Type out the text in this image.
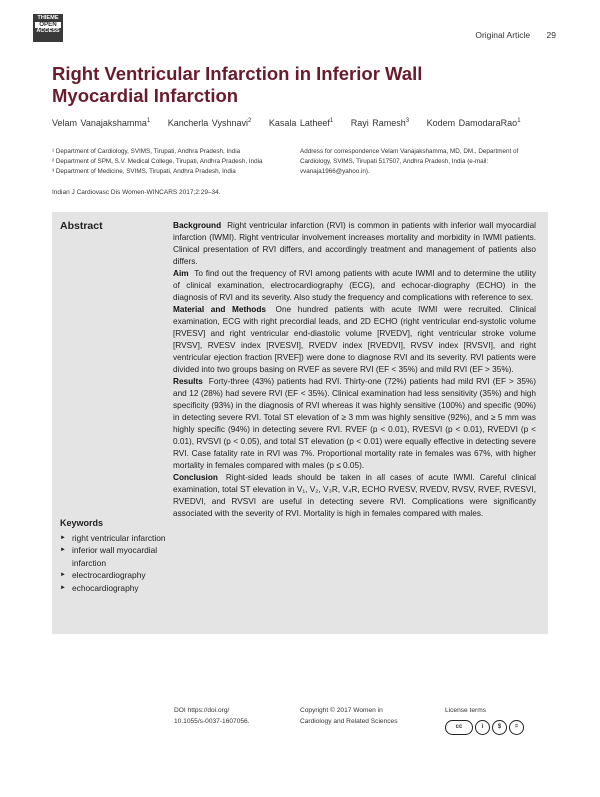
THIEME
OPEN
ACCESS	Original Article 29
Right Ventricular Infarction in Inferior Wall Myocardial Infarction
Velam Vanajakshamma$^1$ Kancherla Vyshnavi$^2$ Kasala Latheef$^1$ Rayi Ramesh$^3$ Kodem DamodaraRao$^1$
¹ Department of Cardiology, SVIMS, Tirupati, Andhra Pradesh, India
² Department of SPM, S.V. Medical College, Tirupati, Andhra Pradesh, India
³ Department of Medicine, SVIMS, Tirupati, Andhra Pradesh, India
Address for correspondence Velam Vanajakshamma, MD, DM., Department of Cardiology, SVIMS, Tirupati 517507, Andhra Pradesh, India (e-mail: vvanaja1966@yahoo.in).
Indian J Cardiovasc Dis Women-WINCARS 2017;2:29–34.
Abstract	Background Right ventricular infarction (RVI) is common in patients with inferior wall myocardial infarction (IWMI). Right ventricular involvement increases mortality and morbidity in IWMI patients. Clinical presentation of RVI differs, and accordingly treatment and management of patients also differs.

Aim To find out the frequency of RVI among patients with acute IWMI and to determine the utility of clinical examination, electrocardiography (ECG), and echocar-diography (ECHO) in the diagnosis of RVI and its severity. Also study the frequency and complications with reference to sex.

Material and Methods One hundred patients with acute IWMI were recruited. Clinical examination, ECG with right precordial leads, and 2D ECHO (right ventricular end-systolic volume [RVESV] and right ventricular end-diastolic volume [RVEDV], right ventricular stroke volume [RVSV], RVESV index [RVESVI], RVEDV index [RVEDVI], RVSV index [RVSVI], and right ventricular ejection fraction [RVEF]) were done to diagnose RVI and its severity. RVI patients were divided into two groups basing on RVEF as severe RVI (EF < 35%) and mild RVI (EF > 35%).

Results Forty-three (43%) patients had RVI. Thirty-one (72%) patients had mild RVI (EF > 35%) and 12 (28%) had severe RVI (EF < 35%). Clinical examination had less sensitivity (35%) and high specificity (93%) in the diagnosis of RVI whereas it was highly sensitive (100%) and specific (90%) in detecting severe RVI. Total ST elevation of ≥ 3 mm was highly sensitive (92%), and ≥ 5 mm was highly specific (94%) in detecting severe RVI. RVEF (p < 0.01), RVESVI (p < 0.01), RVEDVI (p < 0.01), RVSVI (p < 0.05), and total ST elevation (p < 0.01) were equally effective in detecting severe RVI. Case fatality rate in RVI was 7%. Proportional mortality rate in females was 67%, with higher mortality in females compared with males (p ≤ 0.05).

Conclusion Right-sided leads should be taken in all cases of acute IWMI. Careful clinical examination, total ST elevation in V₁, V₂, V₃R, V₄R, ECHO RVESV, RVEDV, RVSV, RVEF, RVESVI, RVEDVI, and RVSVI are useful in detecting severe RVI. Complications were significantly associated with the severity of RVI. Mortality is high in females compared with males.

Keywords
► right ventricular infarction
► inferior wall myocardial infarction
► electrocardiography
► echocardiography
DOI https://doi.org/
10.1055/s-0037-1607056.
Copyright © 2017 Women in Cardiology and Related Sciences
License terms
cc	i	$	=
